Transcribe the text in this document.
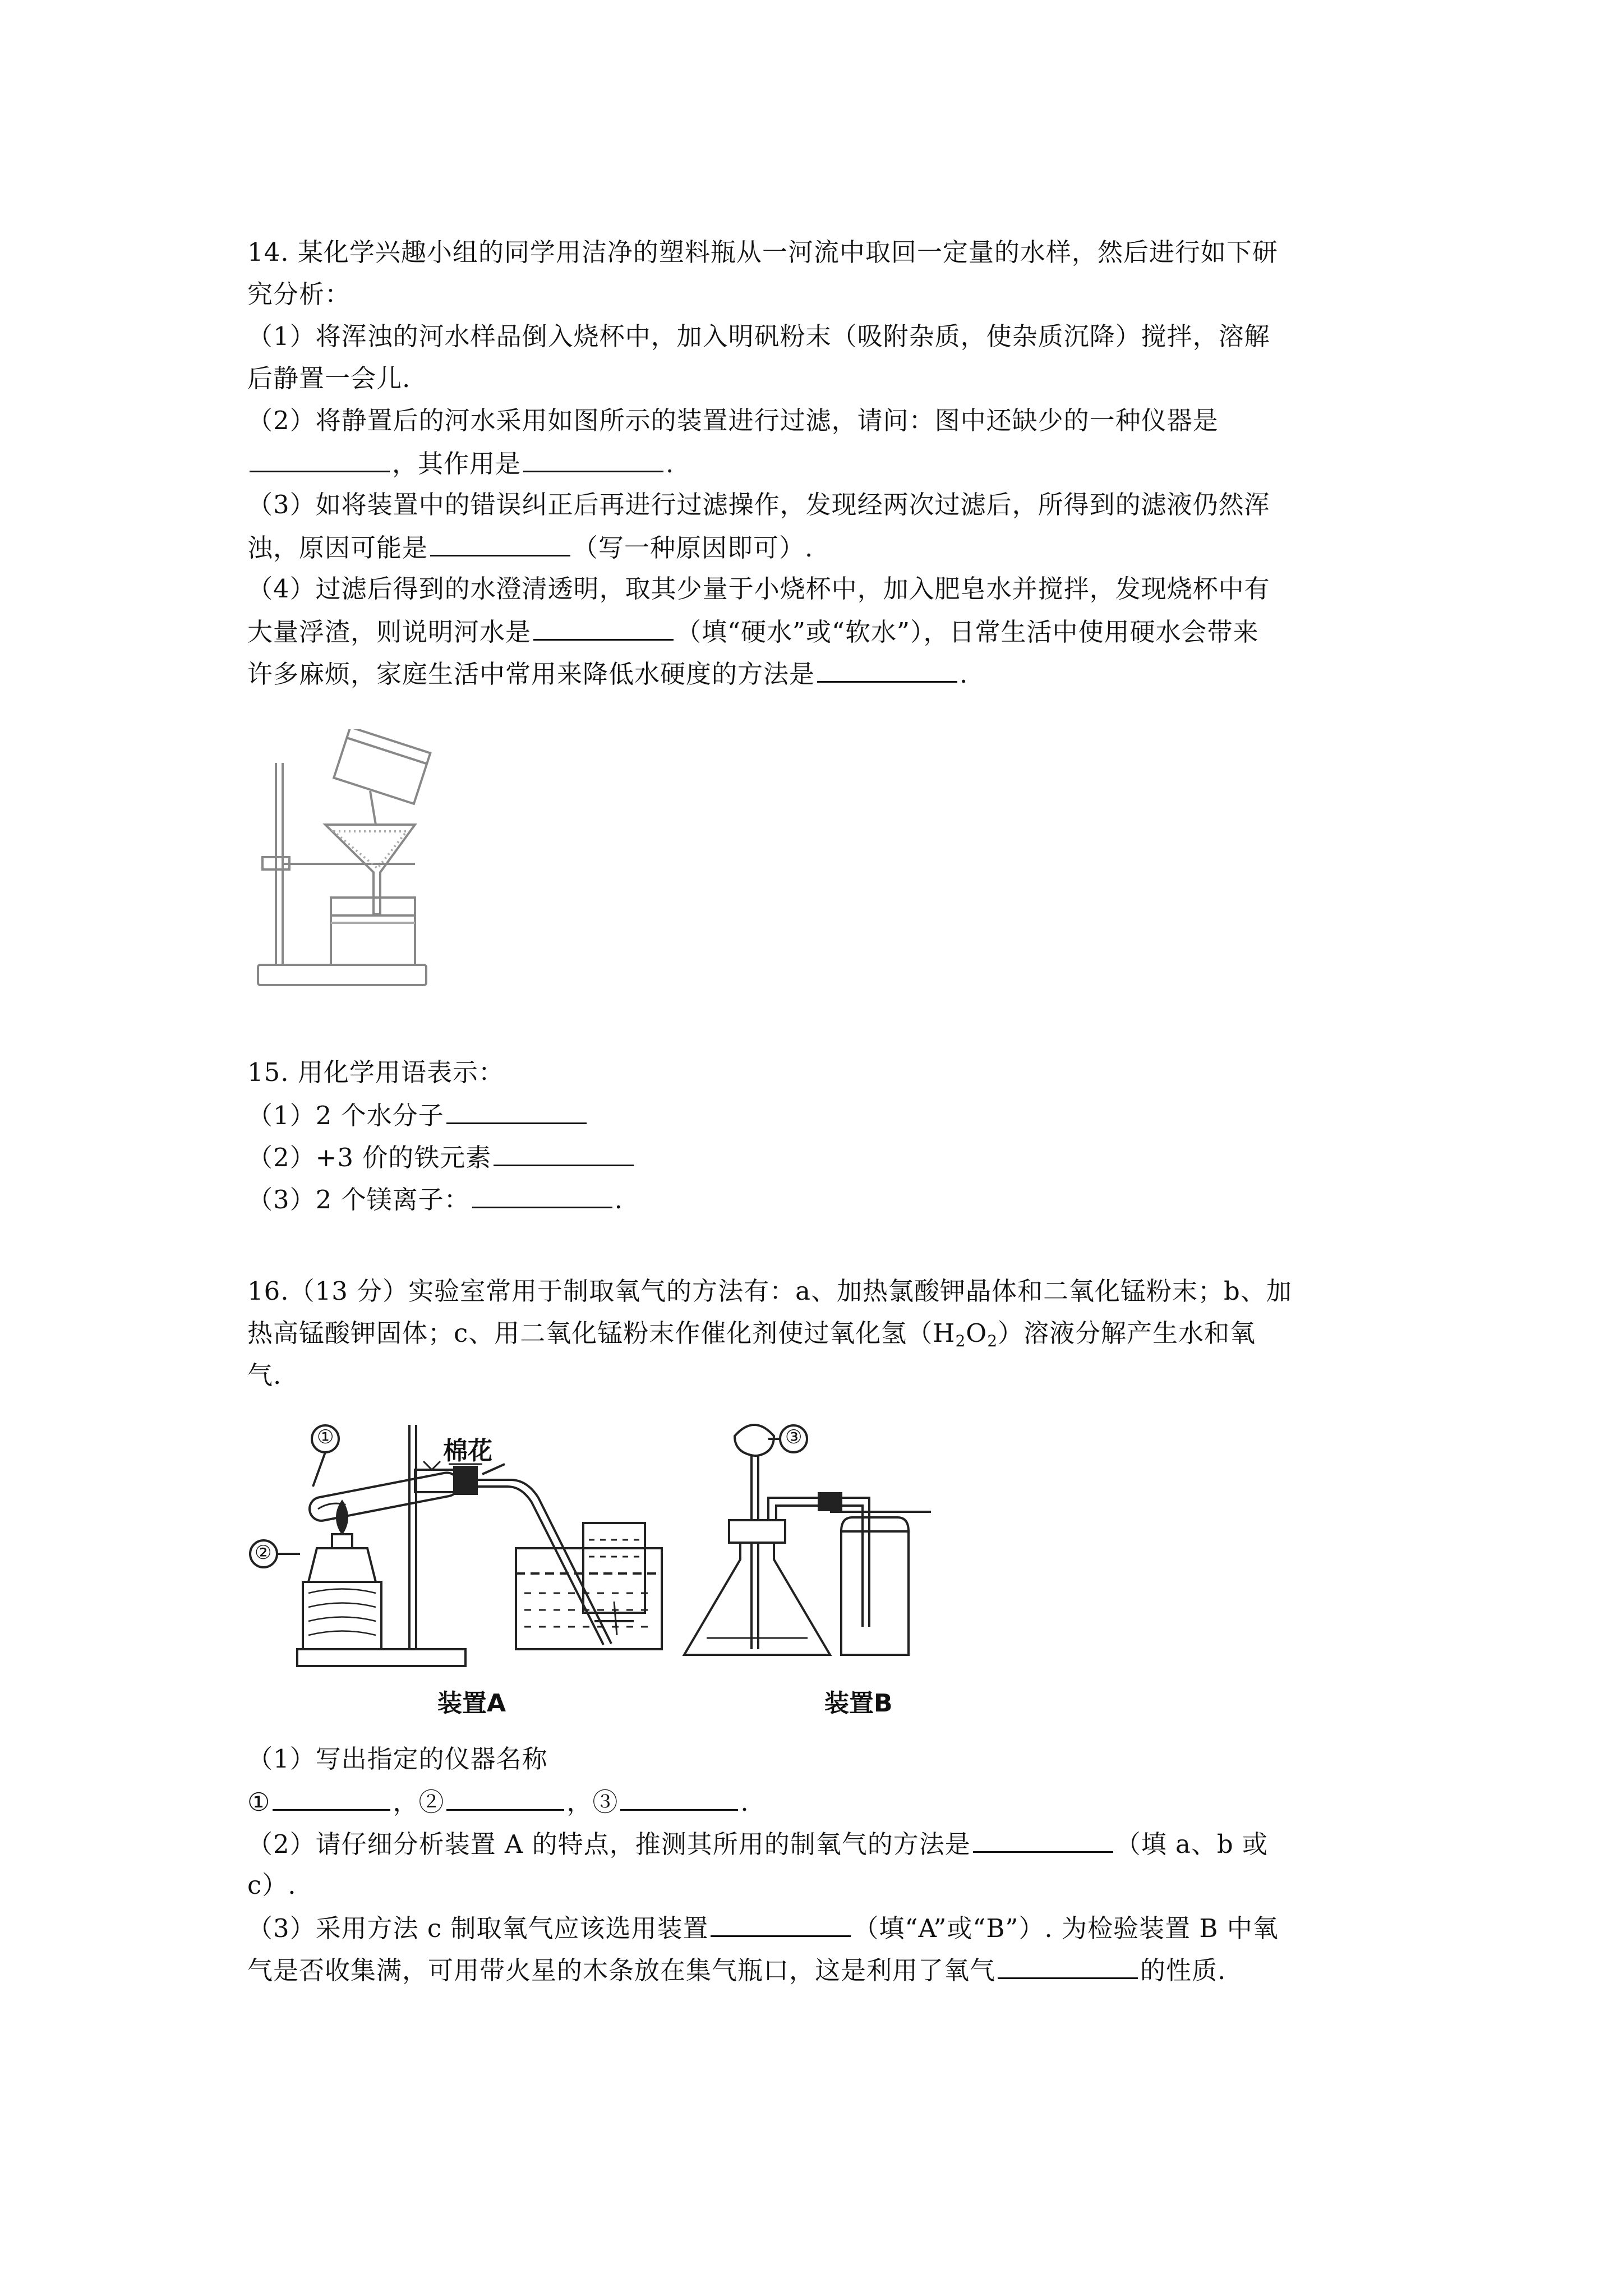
14. 某化学兴趣小组的同学用洁净的塑料瓶从一河流中取回一定量的水样，然后进行如下研
究分析：
（1）将浑浊的河水样品倒入烧杯中，加入明矾粉末（吸附杂质，使杂质沉降）搅拌，溶解
后静置一会儿.
（2）将静置后的河水采用如图所示的装置进行过滤，请问：图中还缺少的一种仪器是
，其作用是	.
（3）如将装置中的错误纠正后再进行过滤操作，发现经两次过滤后，所得到的滤液仍然浑
浊，原因可能是	（写一种原因即可）.
（4）过滤后得到的水澄清透明，取其少量于小烧杯中，加入肥皂水并搅拌，发现烧杯中有
大量浮渣，则说明河水是	（填“硬水”或“软水”），日常生活中使用硬水会带来
许多麻烦，家庭生活中常用来降低水硬度的方法是	.
15. 用化学用语表示：
（1）2 个水分子
（2）+3 价的铁元素
（3）2 个镁离子：	.
16.（13 分）实验室常用于制取氧气的方法有：a、加热氯酸钾晶体和二氧化锰粉末；b、加
热高锰酸钾固体；c、用二氧化锰粉末作催化剂使过氧化氢$(H_2O_2)$溶液分解产生水和氧
气.
棉花
①
②
③
装置A	装置B
（1）写出指定的仪器名称
①	，②	，③	.
（2）请仔细分析装置 A 的特点，推测其所用的制氧气的方法是	（填 a、b 或
c）.
（3）采用方法 c 制取氧气应该选用装置	（填“A”或“B”）. 为检验装置 B 中氧
气是否收集满，可用带火星的木条放在集气瓶口，这是利用了氧气	的性质.
